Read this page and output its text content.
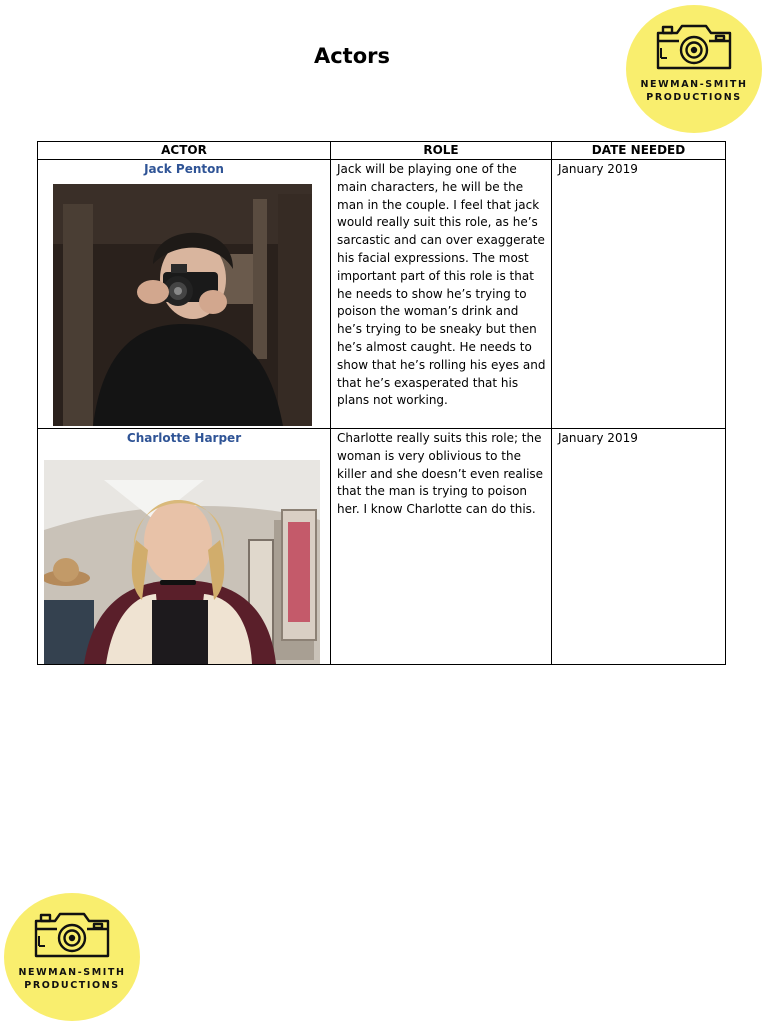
Actors
NEWMAN-SMITH
PRODUCTIONS
ACTOR	ROLE	DATE NEEDED

Jack Penton	Jack will be playing one of the main characters, he will be the man in the couple. I feel that jack would really suit this role, as he’s sarcastic and can over exaggerate his facial expressions. The most important part of this role is that he needs to show he’s trying to poison the woman’s drink and he’s trying to be sneaky but then he’s almost caught. He needs to show that he’s rolling his eyes and that he’s exasperated that his plans not working.	January 2019

Charlotte Harper	Charlotte really suits this role; the woman is very oblivious to the killer and she doesn’t even realise that the man is trying to poison her. I know Charlotte can do this.	January 2019
NEWMAN-SMITH
PRODUCTIONS
